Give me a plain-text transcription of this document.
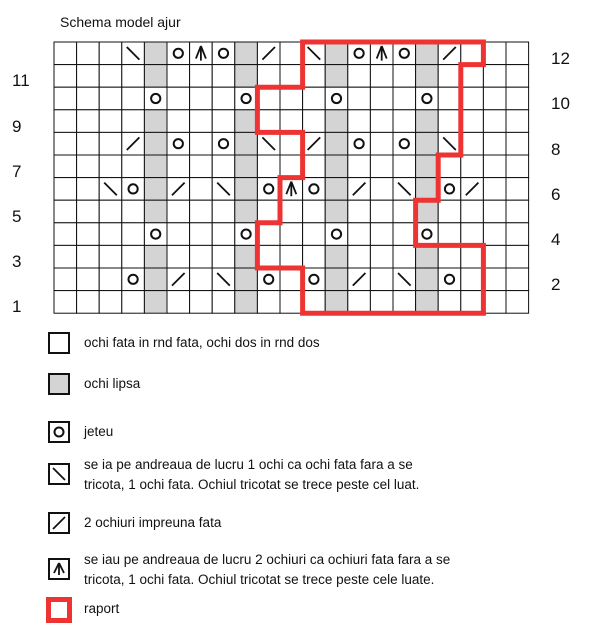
Schema model ajur
11
9
7
5
3
1
12
10
8
6
4
2
ochi fata in rnd fata, ochi dos in rnd dos
ochi lipsa
jeteu
se ia pe andreaua de lucru 1 ochi ca ochi fata fara a se
tricota, 1 ochi fata. Ochiul tricotat se trece peste cel luat.
2 ochiuri impreuna fata
se iau pe andreaua de lucru 2 ochiuri ca ochiuri fata fara a se
tricota, 1 ochi fata. Ochiul tricotat se trece peste cele luate.
raport
